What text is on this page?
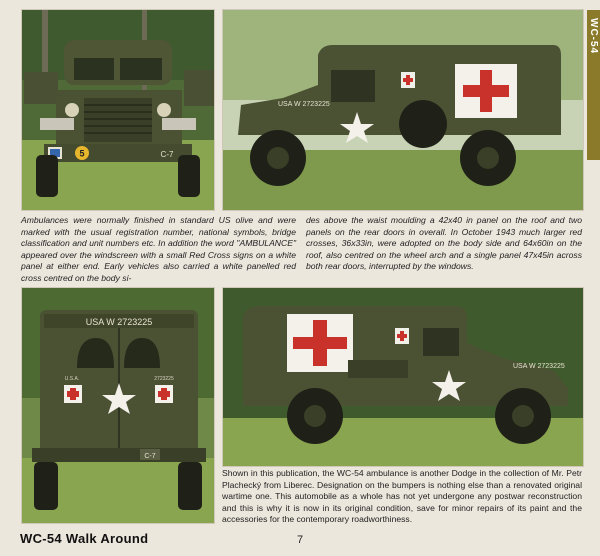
5	C-7
USA W 2723225
WC-54

Ambulances were normally finished in standard US olive and were marked with the usual registration number, national symbols, bridge classification and unit numbers etc. In addition the word "AMBULANCE" appeared over the windscreen with a small Red Cross signs on a white panel at either end. Early vehicles also carried a white panelled red cross centred on the body si-

des above the waist moulding a 42x40 in panel on the roof and two panels on the rear doors in overall. In October 1943 much larger red crosses, 36x33in, were adopted on the body side and 64x60in on the roof, also centred on the wheel arch and a single panel 47x45in across both rear doors, interrupted by the windows.

USA W 2723225
U.S.A.	2723225
C-7
USA W 2723225

Shown in this publication, the WC-54 ambulance is another Dodge in the collection of Mr. Petr Plachecký from Liberec. Designation on the bumpers is nothing else than a renovated original wartime one. This automobile as a whole has not yet undergone any postwar reconstruction and this is why it is now in its original condition, save for minor repairs of its paint and the accessories for the contemporary roadworthiness.

WC-54 Walk Around	7
